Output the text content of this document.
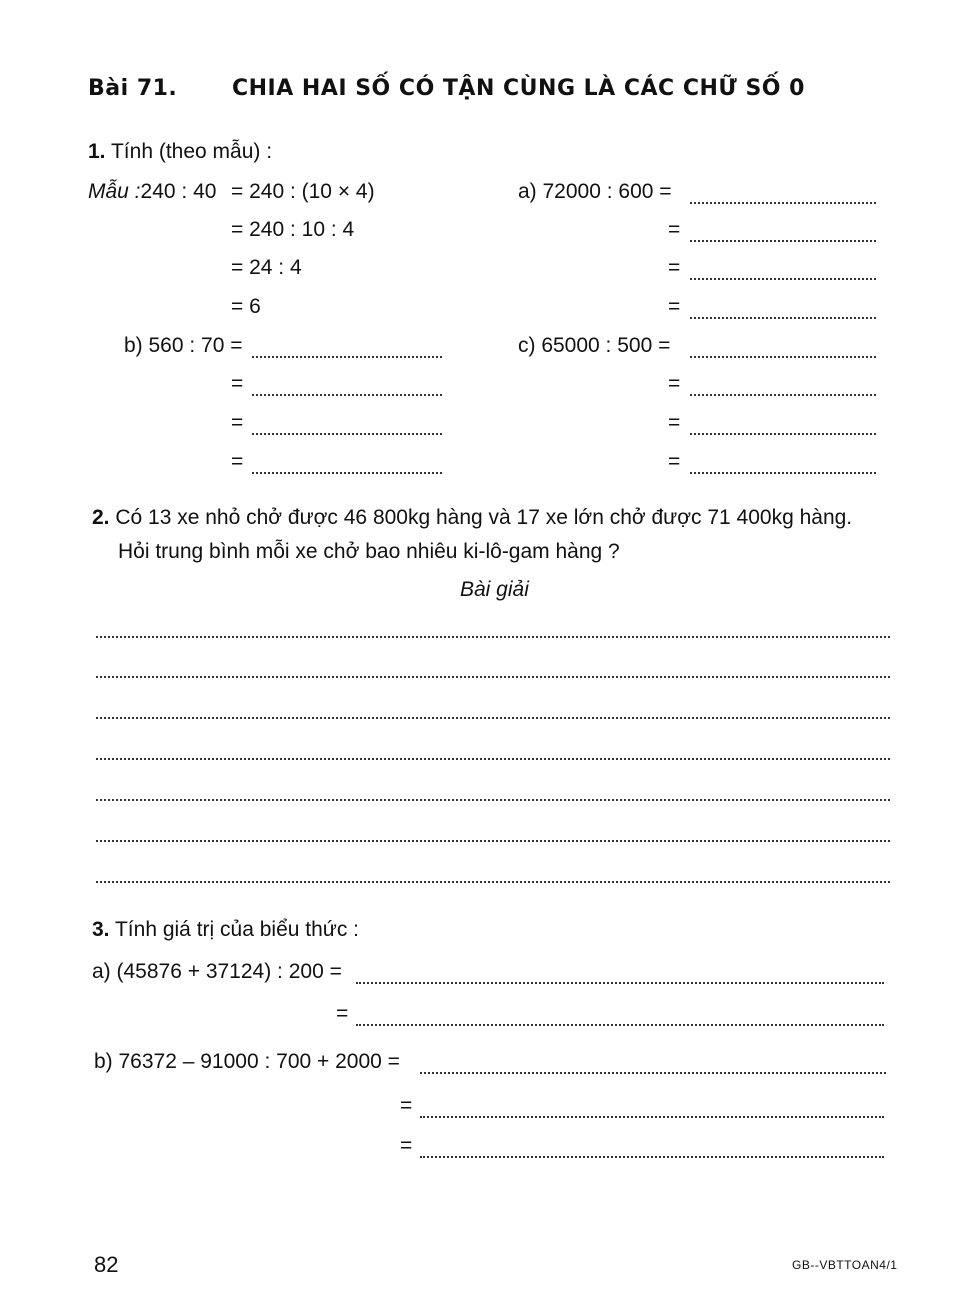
Bài 71. CHIA HAI SỐ CÓ TẬN CÙNG LÀ CÁC CHỮ SỐ 0
1. Tính (theo mẫu) :
Mẫu :240 : 40 = 240 : (10 × 4)
= 240 : 10 : 4
= 24 : 4
= 6
a) 72000 : 600 =
=
=
=
b) 560 : 70 =
=
=
=
c) 65000 : 500 =
=
=
=
2. Có 13 xe nhỏ chở được 46 800kg hàng và 17 xe lớn chở được 71 400kg hàng.
Hỏi trung bình mỗi xe chở bao nhiêu ki-lô-gam hàng ?
Bài giải
3. Tính giá trị của biểu thức :
a) (45876 + 37124) : 200 =
=
b) 76372 – 91000 : 700 + 2000 =
=
=
82	GB--VBTTOAN4/1
